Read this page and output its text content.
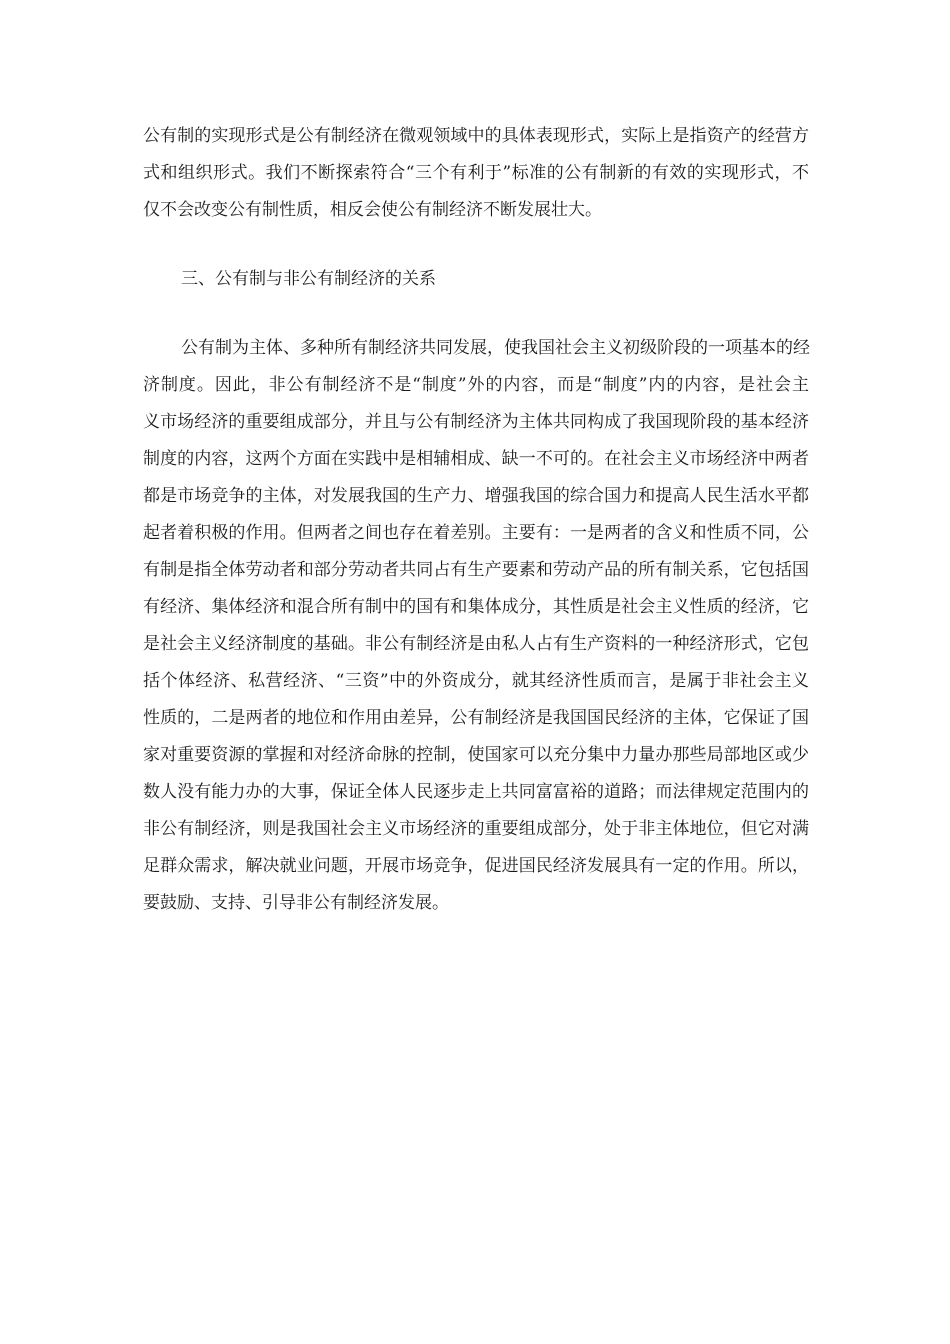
公有制的实现形式是公有制经济在微观领域中的具体表现形式，实际上是指资产的经营方
式和组织形式。我们不断探索符合“三个有利于”标准的公有制新的有效的实现形式，不
仅不会改变公有制性质，相反会使公有制经济不断发展壮大。
三、公有制与非公有制经济的关系
公有制为主体、多种所有制经济共同发展，使我国社会主义初级阶段的一项基本的经
济制度。因此，非公有制经济不是“制度”外的内容，而是“制度”内的内容，是社会主
义市场经济的重要组成部分，并且与公有制经济为主体共同构成了我国现阶段的基本经济
制度的内容，这两个方面在实践中是相辅相成、缺一不可的。在社会主义市场经济中两者
都是市场竞争的主体，对发展我国的生产力、增强我国的综合国力和提高人民生活水平都
起者着积极的作用。但两者之间也存在着差别。主要有：一是两者的含义和性质不同，公
有制是指全体劳动者和部分劳动者共同占有生产要素和劳动产品的所有制关系，它包括国
有经济、集体经济和混合所有制中的国有和集体成分，其性质是社会主义性质的经济，它
是社会主义经济制度的基础。非公有制经济是由私人占有生产资料的一种经济形式，它包
括个体经济、私营经济、“三资”中的外资成分，就其经济性质而言，是属于非社会主义
性质的，二是两者的地位和作用由差异，公有制经济是我国国民经济的主体，它保证了国
家对重要资源的掌握和对经济命脉的控制，使国家可以充分集中力量办那些局部地区或少
数人没有能力办的大事，保证全体人民逐步走上共同富富裕的道路；而法律规定范围内的
非公有制经济，则是我国社会主义市场经济的重要组成部分，处于非主体地位，但它对满
足群众需求，解决就业问题，开展市场竞争，促进国民经济发展具有一定的作用。所以，
要鼓励、支持、引导非公有制经济发展。
